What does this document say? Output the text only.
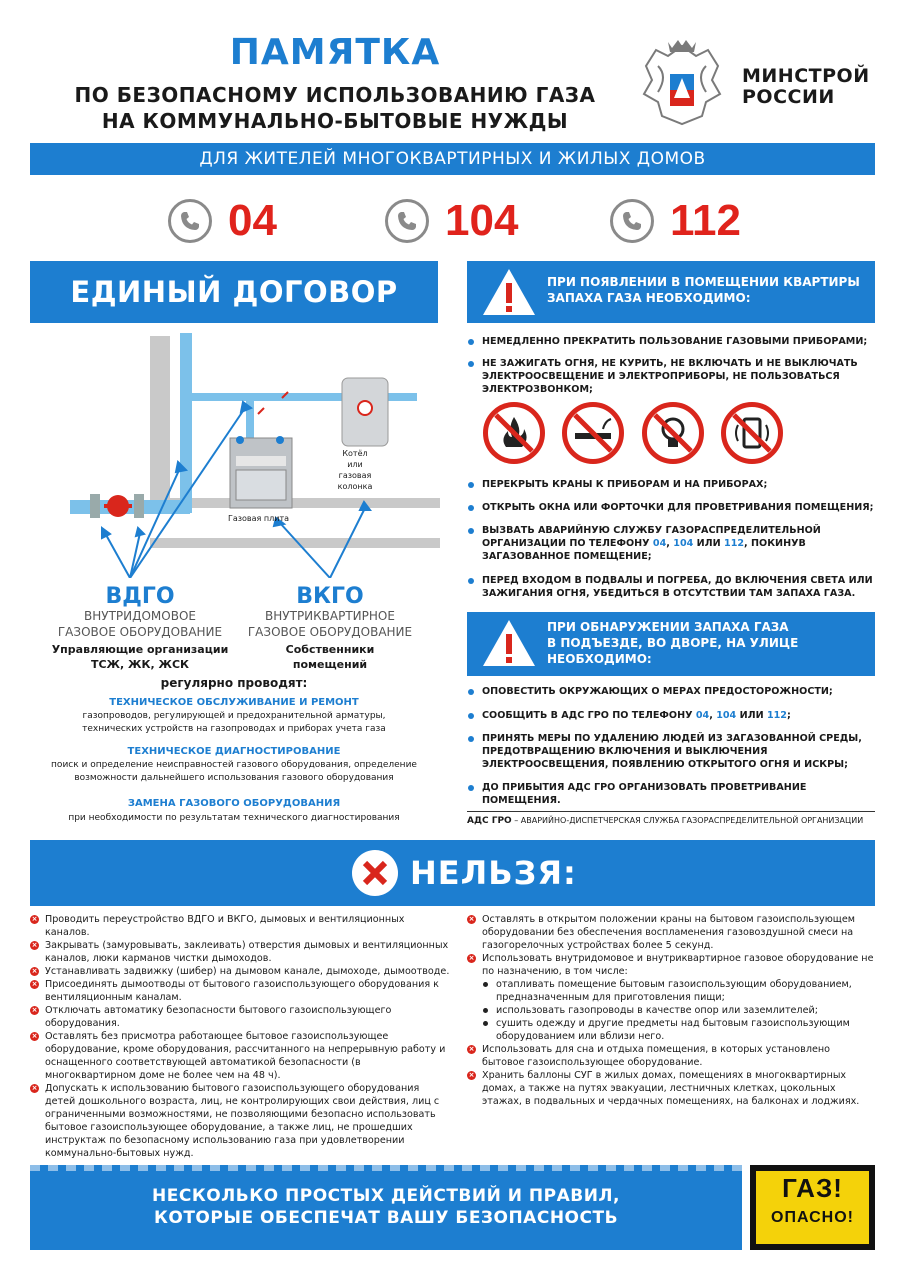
ПАМЯТКА
ПО БЕЗОПАСНОМУ ИСПОЛЬЗОВАНИЮ ГАЗА
НА КОММУНАЛЬНО-БЫТОВЫЕ НУЖДЫ
МИНСТРОЙ
РОССИИ
ДЛЯ ЖИТЕЛЕЙ МНОГОКВАРТИРНЫХ И ЖИЛЫХ ДОМОВ
04	104	112
ЕДИНЫЙ ДОГОВОР
Котёл
или
газовая
колонка
Газовая плита
ВДГО	ВКГО
ВНУТРИДОМОВОЕ
ГАЗОВОЕ ОБОРУДОВАНИЕ
ВНУТРИКВАРТИРНОЕ
ГАЗОВОЕ ОБОРУДОВАНИЕ
Управляющие организации
ТСЖ, ЖК, ЖСК
Собственники
помещений
регулярно проводят:
ТЕХНИЧЕСКОЕ ОБСЛУЖИВАНИЕ И РЕМОНТ
газопроводов, регулирующей и предохранительной арматуры,
технических устройств на газопроводах и приборах учета газа
ТЕХНИЧЕСКОЕ ДИАГНОСТИРОВАНИЕ
поиск и определение неисправностей газового оборудования, определение
возможности дальнейшего использования газового оборудования
ЗАМЕНА ГАЗОВОГО ОБОРУДОВАНИЯ
при необходимости по результатам технического диагностирования
ПРИ ПОЯВЛЕНИИ В ПОМЕЩЕНИИ КВАРТИРЫ
ЗАПАХА ГАЗА НЕОБХОДИМО:
НЕМЕДЛЕННО ПРЕКРАТИТЬ ПОЛЬЗОВАНИЕ ГАЗОВЫМИ ПРИБОРАМИ;
НЕ ЗАЖИГАТЬ ОГНЯ, НЕ КУРИТЬ, НЕ ВКЛЮЧАТЬ И НЕ ВЫКЛЮЧАТЬ ЭЛЕКТРООСВЕЩЕНИЕ И ЭЛЕКТРОПРИБОРЫ, НЕ ПОЛЬЗОВАТЬСЯ ЭЛЕКТРОЗВОНКОМ;
ПЕРЕКРЫТЬ КРАНЫ К ПРИБОРАМ И НА ПРИБОРАХ;
ОТКРЫТЬ ОКНА ИЛИ ФОРТОЧКИ ДЛЯ ПРОВЕТРИВАНИЯ ПОМЕЩЕНИЯ;
ВЫЗВАТЬ АВАРИЙНУЮ СЛУЖБУ ГАЗОРАСПРЕДЕЛИТЕЛЬНОЙ ОРГАНИЗАЦИИ ПО ТЕЛЕФОНУ 04, 104 ИЛИ 112, ПОКИНУВ ЗАГАЗОВАННОЕ ПОМЕЩЕНИЕ;
ПЕРЕД ВХОДОМ В ПОДВАЛЫ И ПОГРЕБА, ДО ВКЛЮЧЕНИЯ СВЕТА ИЛИ ЗАЖИГАНИЯ ОГНЯ, УБЕДИТЬСЯ В ОТСУТСТВИИ ТАМ ЗАПАХА ГАЗА.
ПРИ ОБНАРУЖЕНИИ ЗАПАХА ГАЗА
В ПОДЪЕЗДЕ, ВО ДВОРЕ, НА УЛИЦЕ
НЕОБХОДИМО:
ОПОВЕСТИТЬ ОКРУЖАЮЩИХ О МЕРАХ ПРЕДОСТОРОЖНОСТИ;
СООБЩИТЬ В АДС ГРО ПО ТЕЛЕФОНУ 04, 104 ИЛИ 112;
ПРИНЯТЬ МЕРЫ ПО УДАЛЕНИЮ ЛЮДЕЙ ИЗ ЗАГАЗОВАННОЙ СРЕДЫ, ПРЕДОТВРАЩЕНИЮ ВКЛЮЧЕНИЯ И ВЫКЛЮЧЕНИЯ ЭЛЕКТРООСВЕЩЕНИЯ, ПОЯВЛЕНИЮ ОТКРЫТОГО ОГНЯ И ИСКРЫ;
ДО ПРИБЫТИЯ АДС ГРО ОРГАНИЗОВАТЬ ПРОВЕТРИВАНИЕ ПОМЕЩЕНИЯ.
АДС ГРО – АВАРИЙНО-ДИСПЕТЧЕРСКАЯ СЛУЖБА ГАЗОРАСПРЕДЕЛИТЕЛЬНОЙ ОРГАНИЗАЦИИ
НЕЛЬЗЯ:
× Проводить переустройство ВДГО и ВКГО, дымовых и вентиляционных каналов.
× Закрывать (замуровывать, заклеивать) отверстия дымовых и вентиляционных каналов, люки карманов чистки дымоходов.
× Устанавливать задвижку (шибер) на дымовом канале, дымоходе, дымоотводе.
× Присоединять дымоотводы от бытового газоиспользующего оборудования к вентиляционным каналам.
× Отключать автоматику безопасности бытового газоиспользующего оборудования.
× Оставлять без присмотра работающее бытовое газоиспользующее оборудование, кроме оборудования, рассчитанного на непрерывную работу и оснащенного соответствующей автоматикой безопасности (в многоквартирном доме не более чем на 48 ч).
× Допускать к использованию бытового газоиспользующего оборудования детей дошкольного возраста, лиц, не контролирующих свои действия, лиц с ограниченными возможностями, не позволяющими безопасно использовать бытовое газоиспользующее оборудование, а также лиц, не прошедших инструктаж по безопасному использованию газа при удовлетворении коммунально-бытовых нужд.
× Оставлять в открытом положении краны на бытовом газоиспользующем оборудовании без обеспечения воспламенения газовоздушной смеси на газогорелочных устройствах более 5 секунд.
× Использовать внутридомовое и внутриквартирное газовое оборудование не по назначению, в том числе:
отапливать помещение бытовым газоиспользующим оборудованием, предназначенным для приготовления пищи;
использовать газопроводы в качестве опор или заземлителей;
сушить одежду и другие предметы над бытовым газоиспользующим оборудованием или вблизи него.
× Использовать для сна и отдыха помещения, в которых установлено бытовое газоиспользующее оборудование.
× Хранить баллоны СУГ в жилых домах, помещениях в многоквартирных домах, а также на путях эвакуации, лестничных клетках, цокольных этажах, в подвальных и чердачных помещениях, на балконах и лоджиях.
НЕСКОЛЬКО ПРОСТЫХ ДЕЙСТВИЙ И ПРАВИЛ,
КОТОРЫЕ ОБЕСПЕЧАТ ВАШУ БЕЗОПАСНОСТЬ
ГАЗ!
ОПАСНО!
